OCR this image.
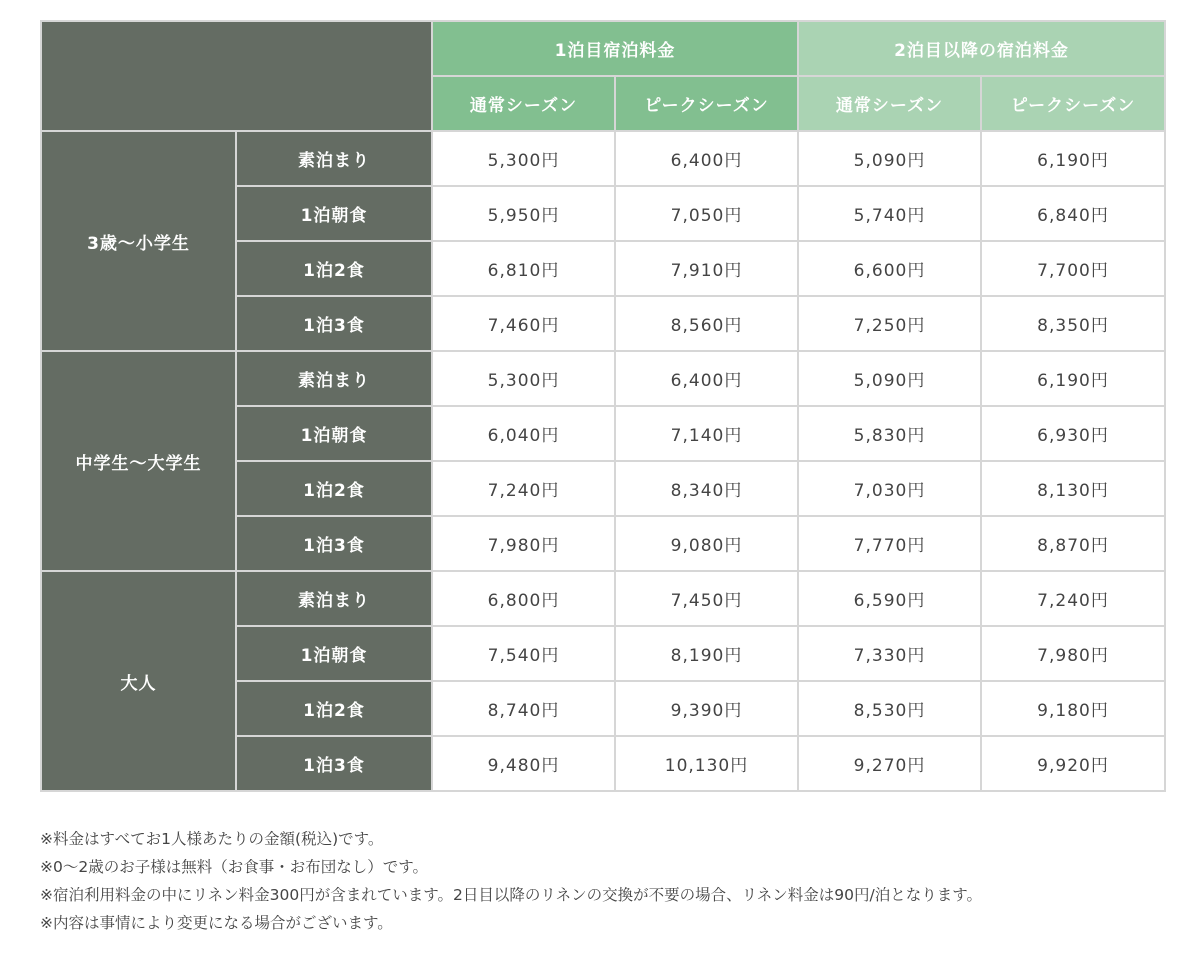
		1泊目宿泊料金		2泊目以降の宿泊料金	
		通常シーズン	ピークシーズン	通常シーズン	ピークシーズン
3歳～小学生	素泊まり	5,300円	6,400円	5,090円	6,190円
	1泊朝食	5,950円	7,050円	5,740円	6,840円
	1泊2食	6,810円	7,910円	6,600円	7,700円
	1泊3食	7,460円	8,560円	7,250円	8,350円
中学生～大学生	素泊まり	5,300円	6,400円	5,090円	6,190円
	1泊朝食	6,040円	7,140円	5,830円	6,930円
	1泊2食	7,240円	8,340円	7,030円	8,130円
	1泊3食	7,980円	9,080円	7,770円	8,870円
大人	素泊まり	6,800円	7,450円	6,590円	7,240円
	1泊朝食	7,540円	8,190円	7,330円	7,980円
	1泊2食	8,740円	9,390円	8,530円	9,180円
	1泊3食	9,480円	10,130円	9,270円	9,920円
※料金はすべてお1人様あたりの金額(税込)です。
※0～2歳のお子様は無料（お食事・お布団なし）です。
※宿泊利用料金の中にリネン料金300円が含まれています。2日目以降のリネンの交換が不要の場合、リネン料金は90円/泊となります。
※内容は事情により変更になる場合がございます。
